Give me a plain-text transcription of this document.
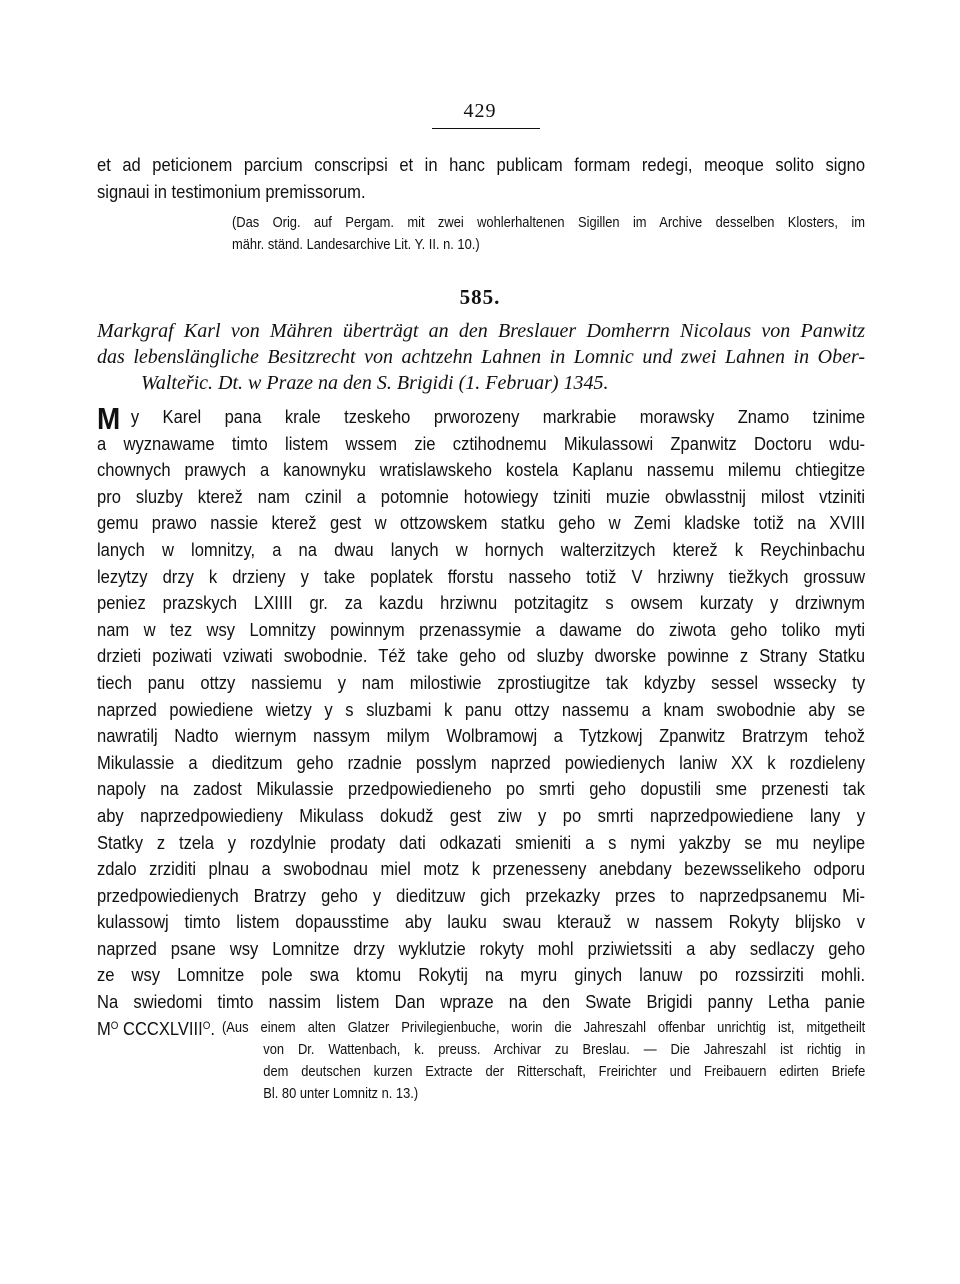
429
et ad peticionem parcium conscripsi et in hanc publicam formam redegi, meoque solito signo
signaui in testimonium premissorum.
(Das Orig. auf Pergam. mit zwei wohlerhaltenen Sigillen im Archive desselben Klosters, im
mähr. ständ. Landesarchive Lit. Y. II. n. 10.)
585.
Markgraf Karl von Mähren überträgt an den Breslauer Domherrn Nicolaus von Panwitz
das lebenslängliche Besitzrecht von achtzehn Lahnen in Lomnic und zwei Lahnen in Ober-
Walteřic. Dt. w Praze na den S. Brigidi (1. Februar) 1345.
M y Karel pana krale tzeskeho prworozeny markrabie morawsky Znamo tzinime
a wyznawame timto listem wssem zie cztihodnemu Mikulassowi Zpanwitz Doctoru wdu-
chownych prawych a kanownyku wratislawskeho kostela Kaplanu nassemu milemu chtiegitze
pro sluzby kterež nam czinil a potomnie hotowiegy tziniti muzie obwlasstnij milost vtziniti
gemu prawo nassie kterež gest w ottzowskem statku geho w Zemi kladske totiž na XVIII
lanych w lomnitzy, a na dwau lanych w hornych walterzitzych kterež k Reychinbachu
lezytzy drzy k drzieny y take poplatek fforstu nasseho totiž V hrziwny tiežkych grossuw
peniez prazskych LXIIII gr. za kazdu hrziwnu potzitagitz s owsem kurzaty y drziwnym
nam w tez wsy Lomnitzy powinnym przenassymie a dawame do ziwota geho toliko myti
drzieti poziwati vziwati swobodnie. Též take geho od sluzby dworske powinne z Strany Statku
tiech panu ottzy nassiemu y nam milostiwie zprostiugitze tak kdyzby sessel wssecky ty
naprzed powiediene wietzy y s sluzbami k panu ottzy nassemu a knam swobodnie aby se
nawratilj Nadto wiernym nassym milym Wolbramowj a Tytzkowj Zpanwitz Bratrzym tehož
Mikulassie a dieditzum geho rzadnie posslym naprzed powiedienych laniw XX k rozdieleny
napoly na zadost Mikulassie przedpowiedieneho po smrti geho dopustili sme przenesti tak
aby naprzedpowiedieny Mikulass dokudž gest ziw y po smrti naprzedpowiediene lany y
Statky z tzela y rozdylnie prodaty dati odkazati smieniti a s nymi yakzby se mu neylipe
zdalo zrziditi plnau a swobodnau miel motz k przenesseny anebdany bezewsselikeho odporu
przedpowiedienych Bratrzy geho y dieditzuw gich przekazky przes to naprzedpsanemu Mi-
kulassowj timto listem dopausstime aby lauku swau kterauž w nassem Rokyty blijsko v
naprzed psane wsy Lomnitze drzy wyklutzie rokyty mohl prziwietssiti a aby sedlaczy geho
ze wsy Lomnitze pole swa ktomu Rokytij na myru ginych lanuw po rozssirziti mohli.
Na swiedomi timto nassim listem Dan wpraze na den Swate Brigidi panny Letha panie
$M^O$ $CCCXLVIII^O$. (Aus einem alten Glatzer Privilegienbuche, worin die Jahreszahl offenbar unrichtig ist, mitgetheilt
von Dr. Wattenbach, k. preuss. Archivar zu Breslau. — Die Jahreszahl ist richtig in
dem deutschen kurzen Extracte der Ritterschaft, Freirichter und Freibauern edirten Briefe
Bl. 80 unter Lomnitz n. 13.)
